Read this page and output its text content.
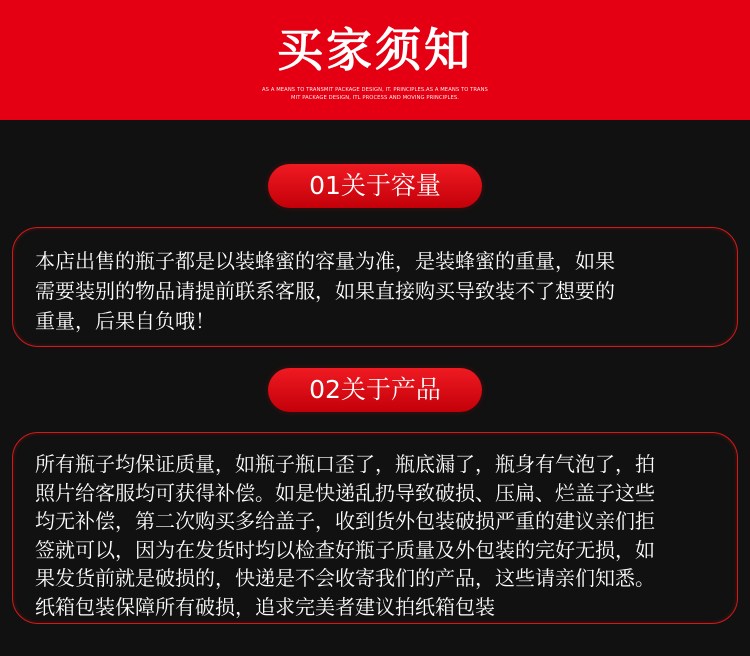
买家须知
AS A MEANS TO TRANSMIT PACKAGE DESIGN, IT. PRINCIPLES.AS A MEANS TO TRANS
MIT PACKAGE DESIGN, ITL PROCESS AND MOVING PRINCIPLES.
01关于容量
本店出售的瓶子都是以装蜂蜜的容量为准，是装蜂蜜的重量，如果
需要装别的物品请提前联系客服，如果直接购买导致装不了想要的
重量，后果自负哦！
02关于产品
所有瓶子均保证质量，如瓶子瓶口歪了，瓶底漏了，瓶身有气泡了，拍
照片给客服均可获得补偿。如是快递乱扔导致破损、压扁、烂盖子这些
均无补偿，第二次购买多给盖子，收到货外包装破损严重的建议亲们拒
签就可以，因为在发货时均以检查好瓶子质量及外包装的完好无损，如
果发货前就是破损的，快递是不会收寄我们的产品，这些请亲们知悉。
纸箱包装保障所有破损，追求完美者建议拍纸箱包装
